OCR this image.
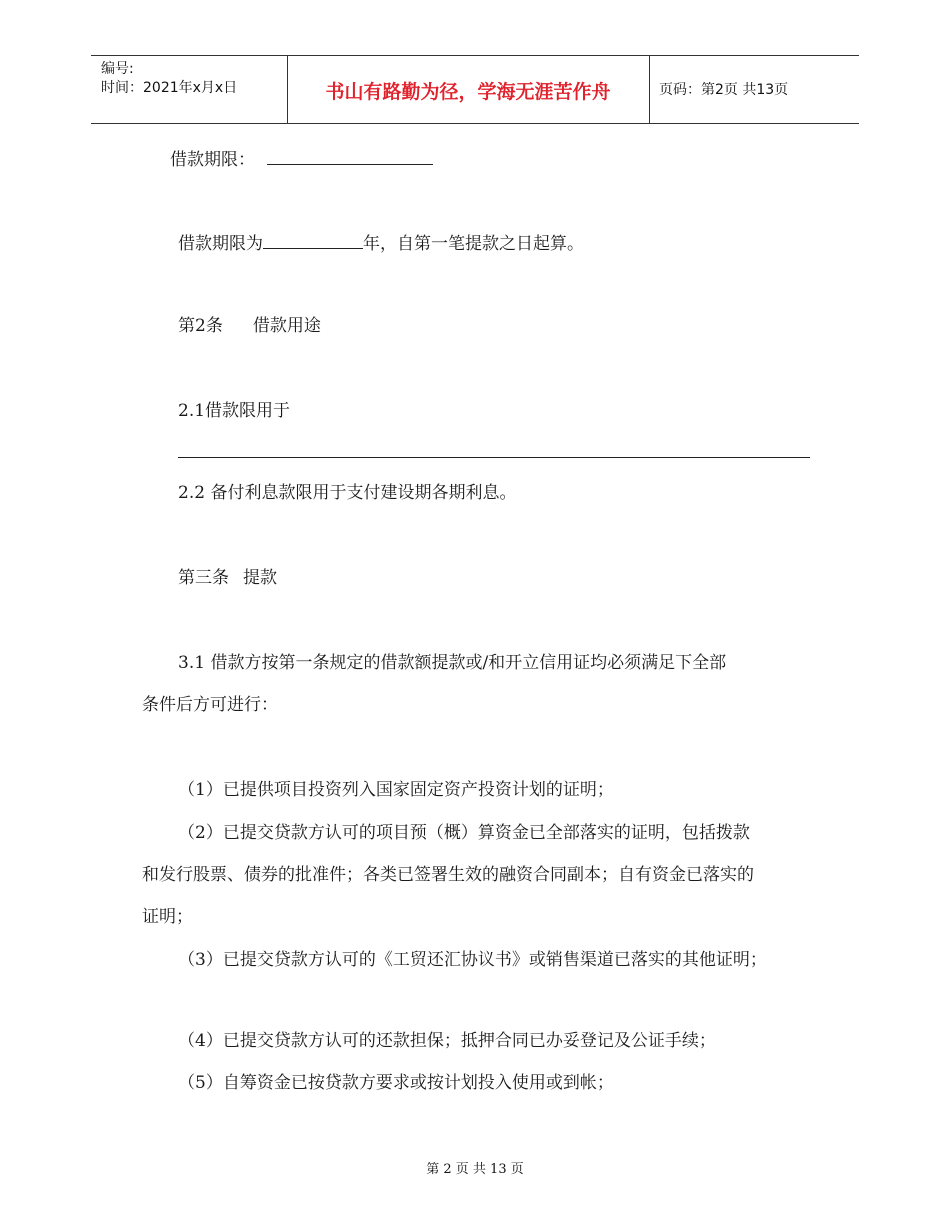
编号:
时间：2021年x月x日	书山有路勤为径，学海无涯苦作舟	页码：第2页 共13页
借款期限：
借款期限为	年，自第一笔提款之日起算。
第2条 借款用途
2.1借款限用于
2.2 备付利息款限用于支付建设期各期利息。
第三条 提款
3.1 借款方按第一条规定的借款额提款或/和开立信用证均必须满足下全部
条件后方可进行：
（1）已提供项目投资列入国家固定资产投资计划的证明；
（2）已提交贷款方认可的项目预（概）算资金已全部落实的证明，包括拨款
和发行股票、债券的批准件；各类已签署生效的融资合同副本；自有资金已落实的
证明；
（3）已提交贷款方认可的《工贸还汇协议书》或销售渠道已落实的其他证明；
（4）已提交贷款方认可的还款担保；抵押合同已办妥登记及公证手续；
（5）自筹资金已按贷款方要求或按计划投入使用或到帐；
第 2 页 共 13 页
